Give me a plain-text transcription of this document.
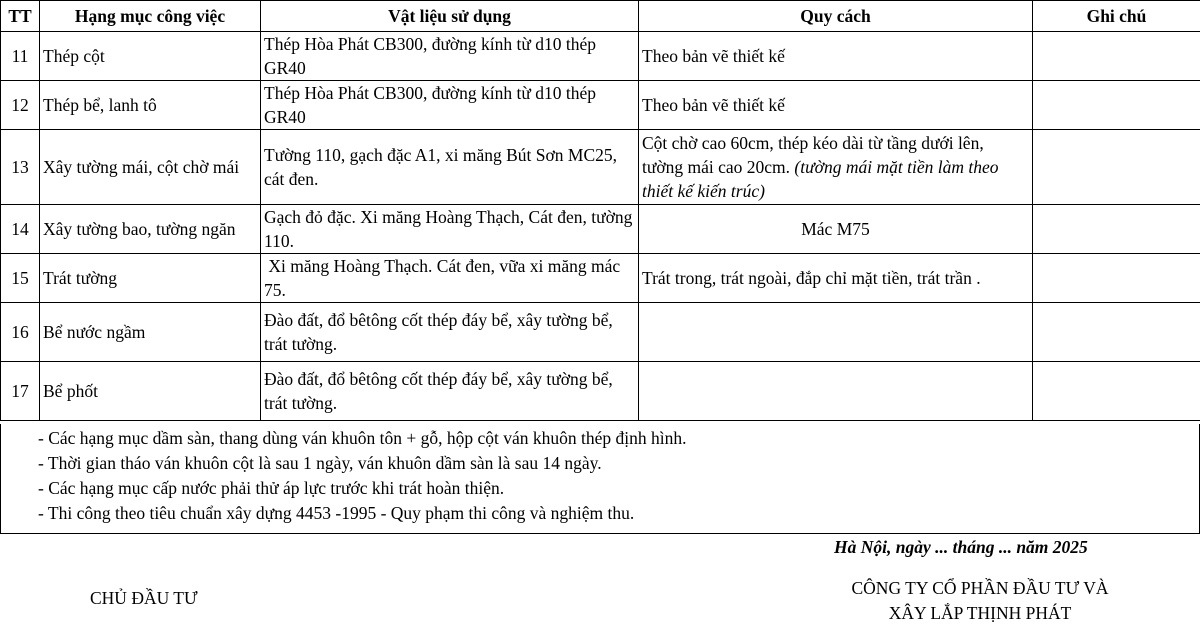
TT	Hạng mục công việc	Vật liệu sử dụng	Quy cách	Ghi chú
11	Thép cột	Thép Hòa Phát CB300, đường kính từ d10 thép GR40	Theo bản vẽ thiết kế	
12	Thép bể, lanh tô	Thép Hòa Phát CB300, đường kính từ d10 thép GR40	Theo bản vẽ thiết kế	
13	Xây tường mái, cột chờ mái	Tường 110, gạch đặc A1, xi măng Bút Sơn MC25, cát đen.	Cột chờ cao 60cm, thép kéo dài từ tầng dưới lên, tường mái cao 20cm. (tường mái mặt tiền làm theo thiết kế kiến trúc)	
14	Xây tường bao, tường ngăn	Gạch đỏ đặc. Xi măng Hoàng Thạch, Cát đen, tường 110.	Mác M75	
15	Trát tường	Xi măng Hoàng Thạch. Cát đen, vữa xi măng mác 75.	Trát trong, trát ngoài, đắp chỉ mặt tiền, trát trần .	
16	Bể nước ngầm	Đào đất, đổ bêtông cốt thép đáy bể, xây tường bể, trát tường.		
17	Bể phốt	Đào đất, đổ bêtông cốt thép đáy bể, xây tường bể, trát tường.		
- Các hạng mục dầm sàn, thang dùng ván khuôn tôn + gỗ, hộp cột ván khuôn thép định hình.
- Thời gian tháo ván khuôn cột là sau 1 ngày, ván khuôn dầm sàn là sau 14 ngày.
- Các hạng mục cấp nước phải thử áp lực trước khi trát hoàn thiện.
- Thi công theo tiêu chuẩn xây dựng 4453 -1995 - Quy phạm thi công và nghiệm thu.
Hà Nội, ngày ... tháng ... năm 2025
CHỦ ĐẦU TƯ	CÔNG TY CỔ PHẦN ĐẦU TƯ VÀ
XÂY LẮP THỊNH PHÁT
